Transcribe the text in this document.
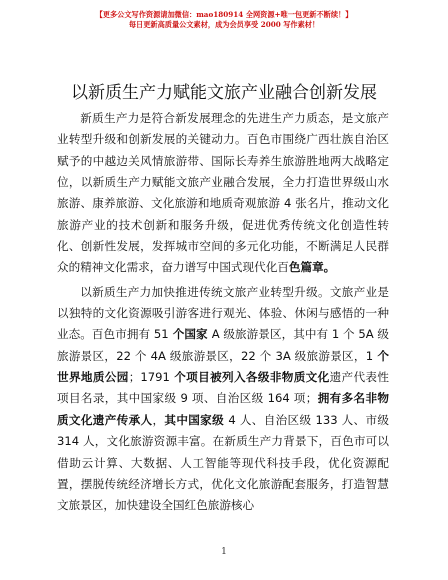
【更多公文写作资源请加微信：mao180914 全网资源+唯一包更新不断续！】
每日更新高质量公文素材，成为会员享受 2000 写作素材！
以新质生产力赋能文旅产业融合创新发展

新质生产力是符合新发展理念的先进生产力质态，是文旅产业转型升级和创新发展的关键动力。百色市围绕广西壮族自治区赋予的中越边关风情旅游带、国际长寿养生旅游胜地两大战略定位，以新质生产力赋能文旅产业融合发展，全力打造世界级山水旅游、康养旅游、文化旅游和地质奇观旅游 4 张名片，推动文化旅游产业的技术创新和服务升级，促进优秀传统文化创造性转化、创新性发展，发挥城市空间的多元化功能，不断满足人民群众的精神文化需求，奋力谱写中国式现代化百色篇章。

以新质生产力加快推进传统文旅产业转型升级。文旅产业是以独特的文化资源吸引游客进行观光、体验、休闲与感悟的一种业态。百色市拥有 51 个国家 A 级旅游景区，其中有 1 个 5A 级旅游景区，22 个 4A 级旅游景区，22 个 3A 级旅游景区，1 个世界地质公园；1791 个项目被列入各级非物质文化遗产代表性项目名录，其中国家级 9 项、自治区级 164 项；拥有多名非物质文化遗产传承人，其中国家级 4 人、自治区级 133 人、市级 314 人，文化旅游资源丰富。在新质生产力背景下，百色市可以借助云计算、大数据、人工智能等现代科技手段，优化资源配置，摆脱传统经济增长方式，优化文化旅游配套服务，打造智慧文旅景区，加快建设全国红色旅游核心

1
